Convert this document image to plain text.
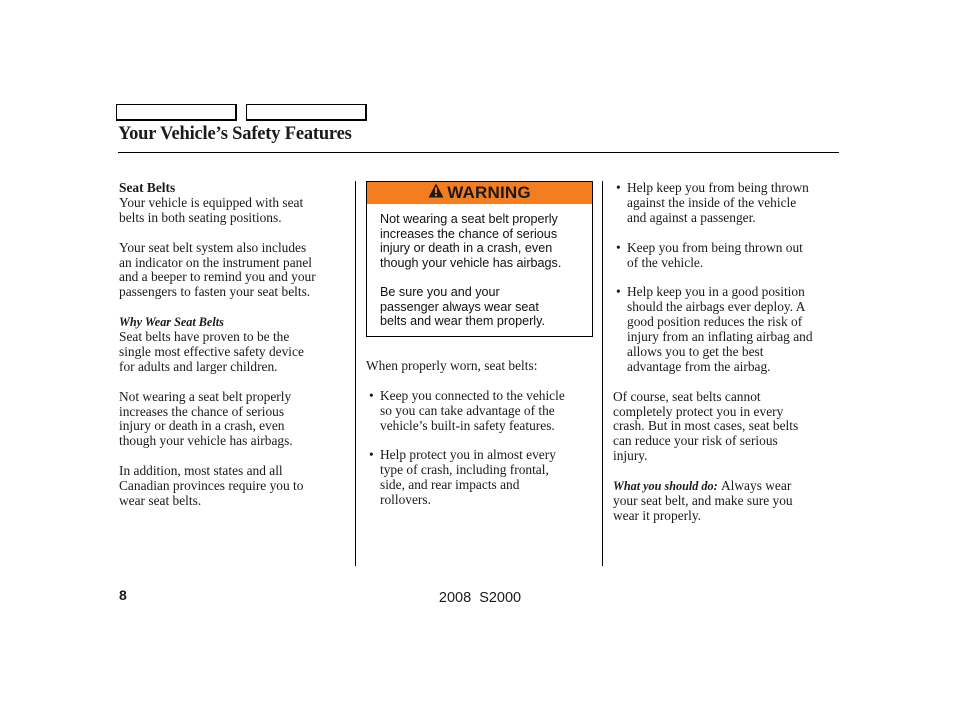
Your Vehicle’s Safety Features

Seat Belts

Your vehicle is equipped with seat

belts in both seating positions.

Your seat belt system also includes

an indicator on the instrument panel

and a beeper to remind you and your

passengers to fasten your seat belts.

Why Wear Seat Belts

Seat belts have proven to be the

single most effective safety device

for adults and larger children.

Not wearing a seat belt properly

increases the chance of serious

injury or death in a crash, even

though your vehicle has airbags.

In addition, most states and all

Canadian provinces require you to

wear seat belts.

WARNING

Not wearing a seat belt properly

increases the chance of serious

injury or death in a crash, even

though your vehicle has airbags.

Be sure you and your

passenger always wear seat

belts and wear them properly.

When properly worn, seat belts:

• Keep you connected to the vehicle

so you can take advantage of the

vehicle’s built-in safety features.

• Help protect you in almost every

type of crash, including frontal,

side, and rear impacts and

rollovers.

• Help keep you from being thrown

against the inside of the vehicle

and against a passenger.

• Keep you from being thrown out

of the vehicle.

• Help keep you in a good position

should the airbags ever deploy. A

good position reduces the risk of

injury from an inflating airbag and

allows you to get the best

advantage from the airbag.

Of course, seat belts cannot

completely protect you in every

crash. But in most cases, seat belts

can reduce your risk of serious

injury.

What you should do: Always wear

your seat belt, and make sure you

wear it properly.

8	2008  S2000
